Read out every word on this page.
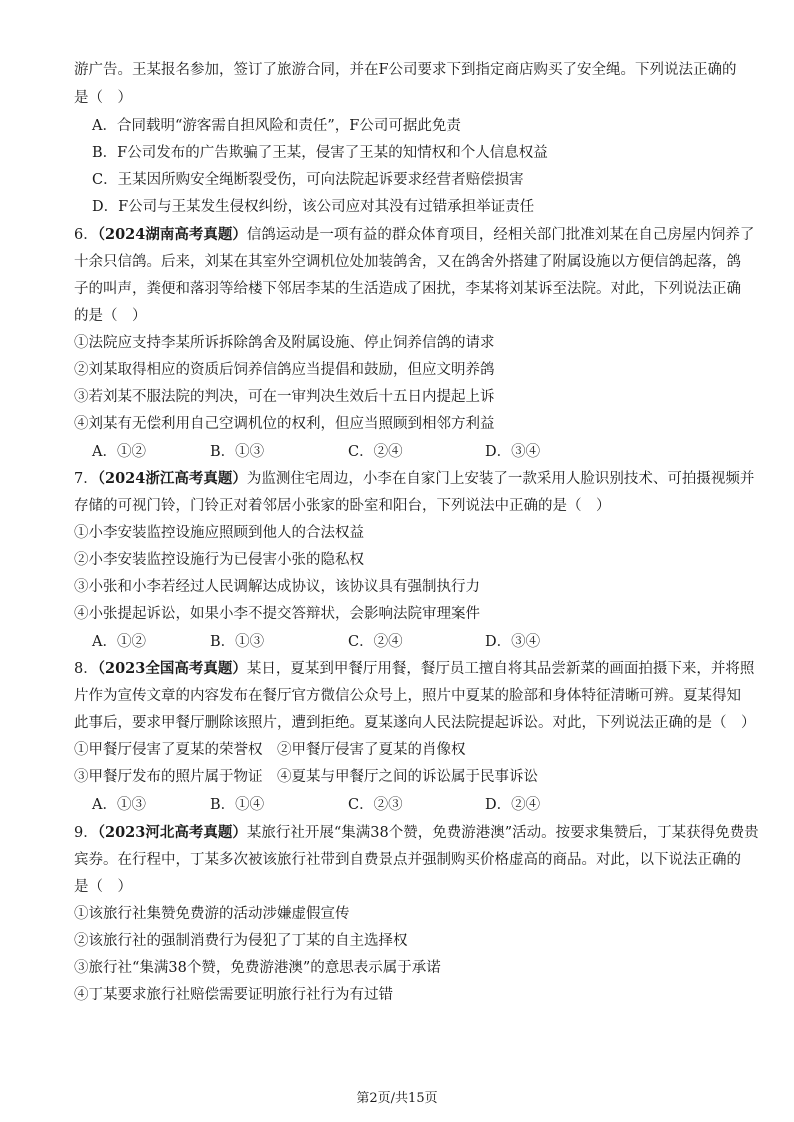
游广告。王某报名参加，签订了旅游合同，并在F公司要求下到指定商店购买了安全绳。下列说法正确的
是（　）
A．合同载明“游客需自担风险和责任”，F公司可据此免责
B．F公司发布的广告欺骗了王某，侵害了王某的知情权和个人信息权益
C．王某因所购安全绳断裂受伤，可向法院起诉要求经营者赔偿损害
D．F公司与王某发生侵权纠纷，该公司应对其没有过错承担举证责任
6．（2024湖南高考真题）信鸽运动是一项有益的群众体育项目，经相关部门批准刘某在自己房屋内饲养了
十余只信鸽。后来，刘某在其室外空调机位处加装鸽舍，又在鸽舍外搭建了附属设施以方便信鸽起落，鸽
子的叫声，粪便和落羽等给楼下邻居李某的生活造成了困扰，李某将刘某诉至法院。对此，下列说法正确
的是（　）
①法院应支持李某所诉拆除鸽舍及附属设施、停止饲养信鸽的请求
②刘某取得相应的资质后饲养信鸽应当提倡和鼓励，但应文明养鸽
③若刘某不服法院的判决，可在一审判决生效后十五日内提起上诉
④刘某有无偿利用自己空调机位的权利，但应当照顾到相邻方利益
A．①②	B．①③	C．②④	D．③④
7．（2024浙江高考真题）为监测住宅周边，小李在自家门上安装了一款采用人脸识别技术、可拍摄视频并
存储的可视门铃，门铃正对着邻居小张家的卧室和阳台，下列说法中正确的是（　）
①小李安装监控设施应照顾到他人的合法权益
②小李安装监控设施行为已侵害小张的隐私权
③小张和小李若经过人民调解达成协议，该协议具有强制执行力
④小张提起诉讼，如果小李不提交答辩状，会影响法院审理案件
A．①②	B．①③	C．②④	D．③④
8．（2023全国高考真题）某日，夏某到甲餐厅用餐，餐厅员工擅自将其品尝新菜的画面拍摄下来，并将照
片作为宣传文章的内容发布在餐厅官方微信公众号上，照片中夏某的脸部和身体特征清晰可辨。夏某得知
此事后，要求甲餐厅删除该照片，遭到拒绝。夏某遂向人民法院提起诉讼。对此，下列说法正确的是（　）
①甲餐厅侵害了夏某的荣誉权　②甲餐厅侵害了夏某的肖像权
③甲餐厅发布的照片属于物证　④夏某与甲餐厅之间的诉讼属于民事诉讼
A．①③	B．①④	C．②③	D．②④
9．（2023河北高考真题）某旅行社开展“集满38个赞，免费游港澳”活动。按要求集赞后，丁某获得免费贵
宾券。在行程中，丁某多次被该旅行社带到自费景点并强制购买价格虚高的商品。对此，以下说法正确的
是（　）
①该旅行社集赞免费游的活动涉嫌虚假宣传
②该旅行社的强制消费行为侵犯了丁某的自主选择权
③旅行社“集满38个赞，免费游港澳”的意思表示属于承诺
④丁某要求旅行社赔偿需要证明旅行社行为有过错
第2页/共15页
